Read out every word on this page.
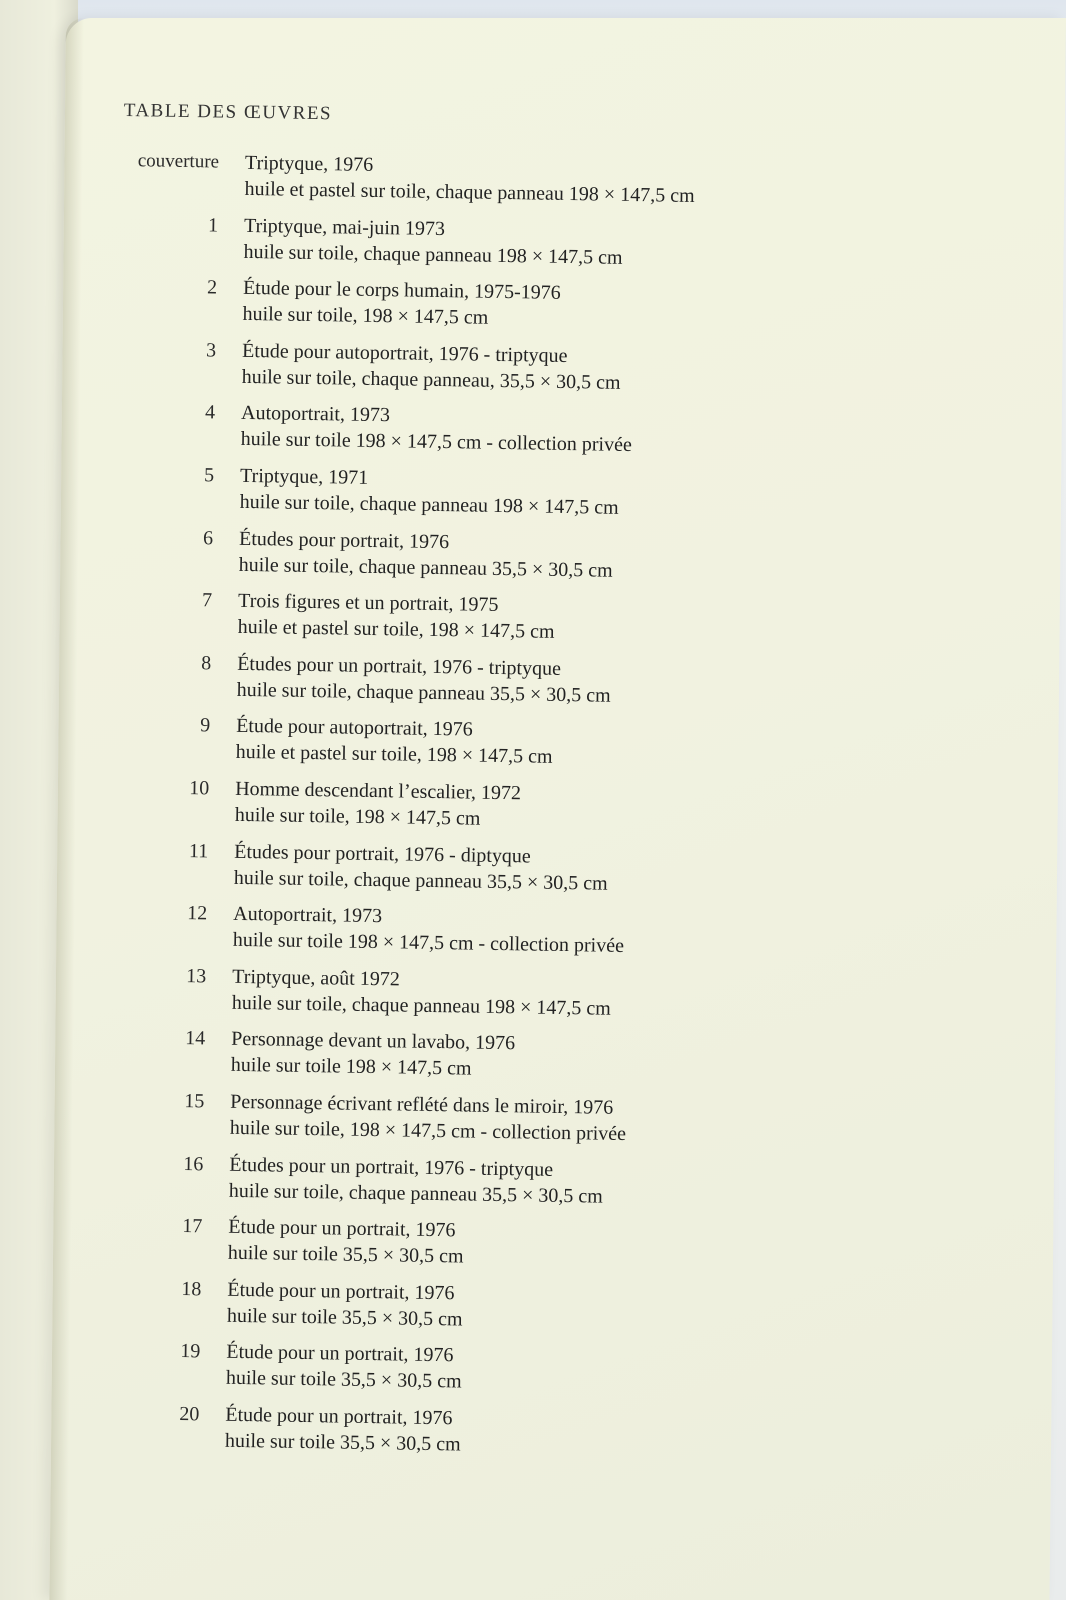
TABLE DES ŒUVRES
couverture	Triptyque, 1976
huile et pastel sur toile, chaque panneau 198 × 147,5 cm
1	Triptyque, mai-juin 1973
huile sur toile, chaque panneau 198 × 147,5 cm
2	Étude pour le corps humain, 1975-1976
huile sur toile, 198 × 147,5 cm
3	Étude pour autoportrait, 1976 - triptyque
huile sur toile, chaque panneau, 35,5 × 30,5 cm
4	Autoportrait, 1973
huile sur toile 198 × 147,5 cm - collection privée
5	Triptyque, 1971
huile sur toile, chaque panneau 198 × 147,5 cm
6	Études pour portrait, 1976
huile sur toile, chaque panneau 35,5 × 30,5 cm
7	Trois figures et un portrait, 1975
huile et pastel sur toile, 198 × 147,5 cm
8	Études pour un portrait, 1976 - triptyque
huile sur toile, chaque panneau 35,5 × 30,5 cm
9	Étude pour autoportrait, 1976
huile et pastel sur toile, 198 × 147,5 cm
10	Homme descendant l’escalier, 1972
huile sur toile, 198 × 147,5 cm
11	Études pour portrait, 1976 - diptyque
huile sur toile, chaque panneau 35,5 × 30,5 cm
12	Autoportrait, 1973
huile sur toile 198 × 147,5 cm - collection privée
13	Triptyque, août 1972
huile sur toile, chaque panneau 198 × 147,5 cm
14	Personnage devant un lavabo, 1976
huile sur toile 198 × 147,5 cm
15	Personnage écrivant reflété dans le miroir, 1976
huile sur toile, 198 × 147,5 cm - collection privée
16	Études pour un portrait, 1976 - triptyque
huile sur toile, chaque panneau 35,5 × 30,5 cm
17	Étude pour un portrait, 1976
huile sur toile 35,5 × 30,5 cm
18	Étude pour un portrait, 1976
huile sur toile 35,5 × 30,5 cm
19	Étude pour un portrait, 1976
huile sur toile 35,5 × 30,5 cm
20	Étude pour un portrait, 1976
huile sur toile 35,5 × 30,5 cm
